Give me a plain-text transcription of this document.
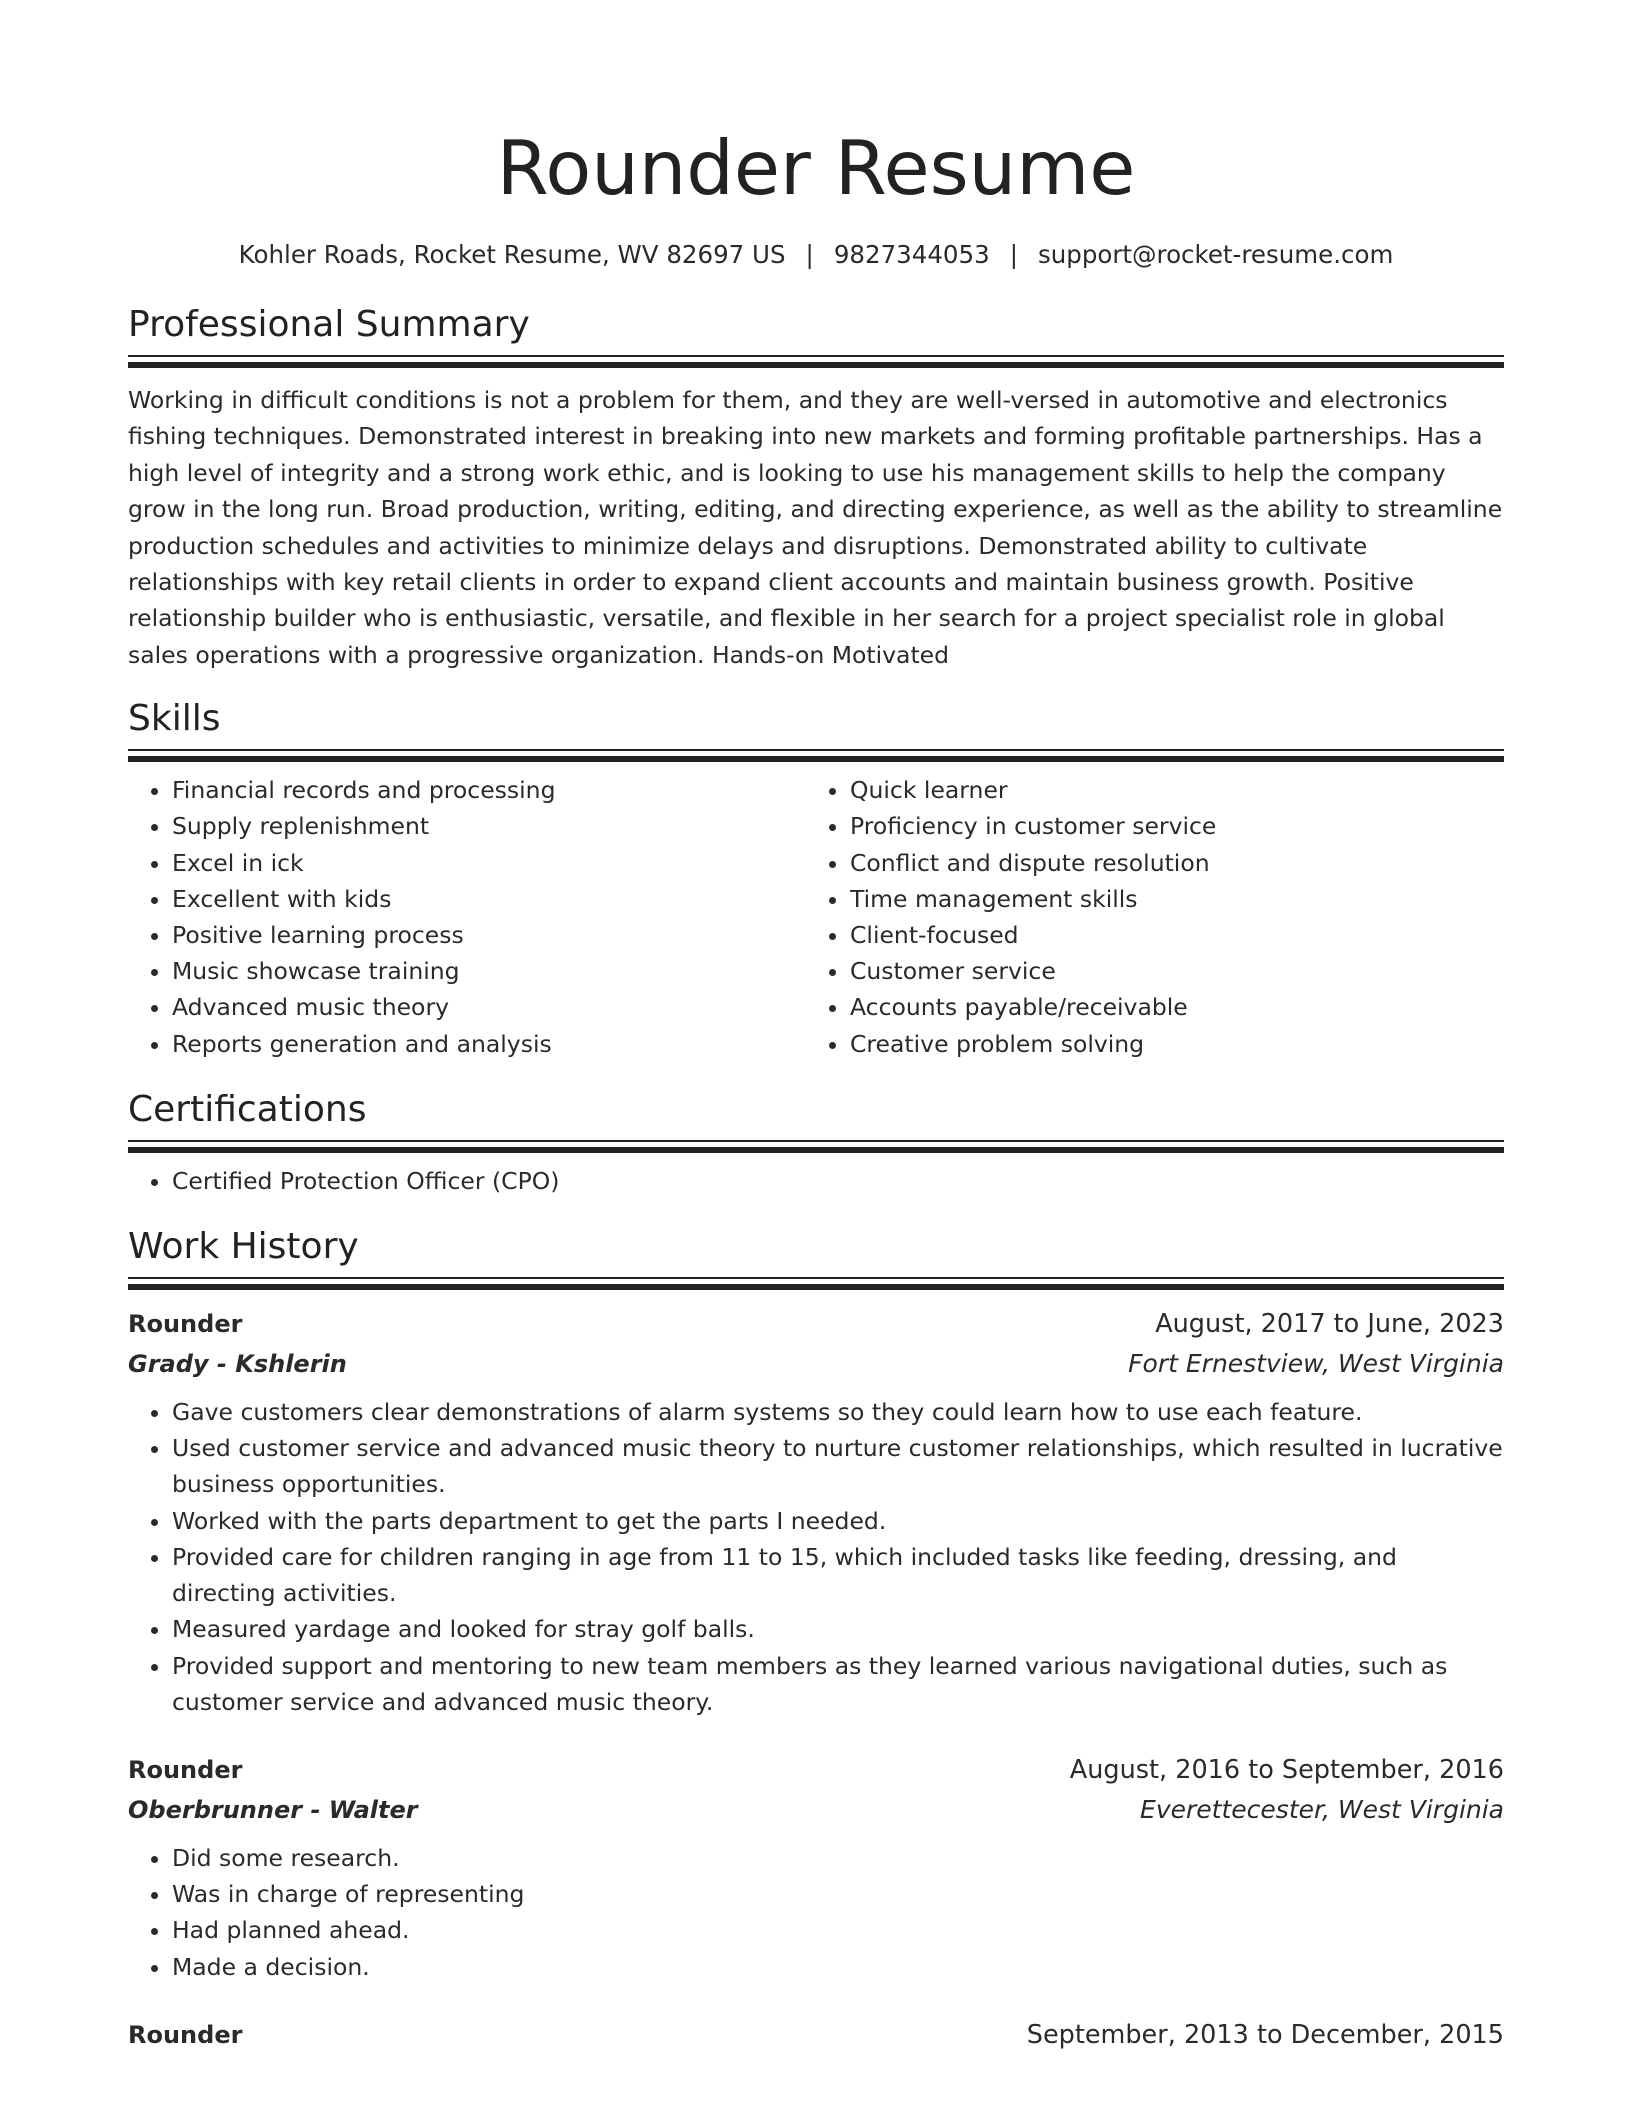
Rounder Resume
Kohler Roads, Rocket Resume, WV 82697 US | 9827344053 | support@rocket-resume.com
Professional Summary
Working in difficult conditions is not a problem for them, and they are well-versed in automotive and electronics fishing techniques. Demonstrated interest in breaking into new markets and forming profitable partnerships. Has a high level of integrity and a strong work ethic, and is looking to use his management skills to help the company grow in the long run. Broad production, writing, editing, and directing experience, as well as the ability to streamline production schedules and activities to minimize delays and disruptions. Demonstrated ability to cultivate relationships with key retail clients in order to expand client accounts and maintain business growth. Positive relationship builder who is enthusiastic, versatile, and flexible in her search for a project specialist role in global sales operations with a progressive organization. Hands-on Motivated
Skills
• Financial records and processing
• Supply replenishment
• Excel in ick
• Excellent with kids
• Positive learning process
• Music showcase training
• Advanced music theory
• Reports generation and analysis
• Quick learner
• Proficiency in customer service
• Conflict and dispute resolution
• Time management skills
• Client-focused
• Customer service
• Accounts payable/receivable
• Creative problem solving
Certifications
• Certified Protection Officer (CPO)
Work History
Rounder	August, 2017 to June, 2023
Grady - Kshlerin	Fort Ernestview, West Virginia
• Gave customers clear demonstrations of alarm systems so they could learn how to use each feature.
• Used customer service and advanced music theory to nurture customer relationships, which resulted in lucrative business opportunities.
• Worked with the parts department to get the parts I needed.
• Provided care for children ranging in age from 11 to 15, which included tasks like feeding, dressing, and directing activities.
• Measured yardage and looked for stray golf balls.
• Provided support and mentoring to new team members as they learned various navigational duties, such as customer service and advanced music theory.
Rounder	August, 2016 to September, 2016
Oberbrunner - Walter	Everettecester, West Virginia
• Did some research.
• Was in charge of representing
• Had planned ahead.
• Made a decision.
Rounder	September, 2013 to December, 2015
